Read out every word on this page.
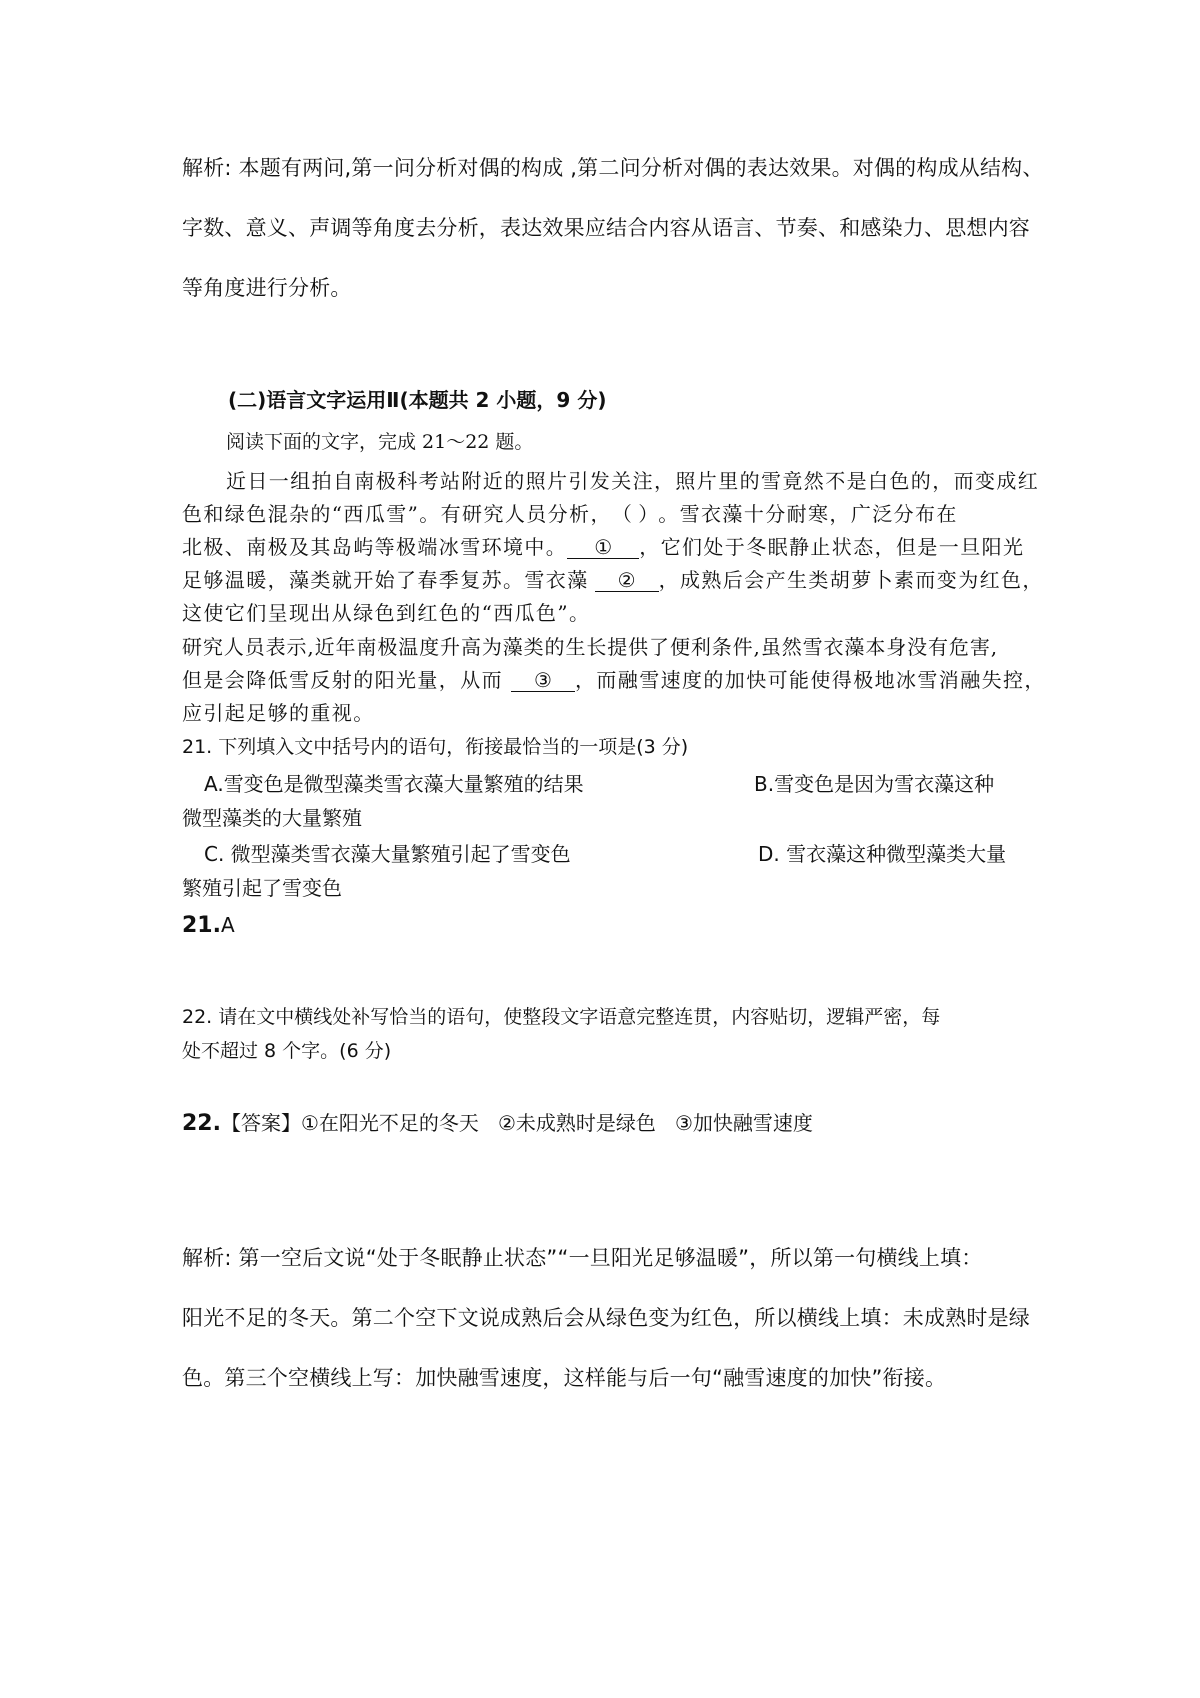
解析: 本题有两问,第一问分析对偶的构成 ,第二问分析对偶的表达效果。对偶的构成从结构、
字数、意义、声调等角度去分析，表达效果应结合内容从语言、节奏、和感染力、思想内容
等角度进行分析。
(二)语言文字运用Ⅱ(本题共 2 小题，9 分)
阅读下面的文字，完成 21～22 题。
近日一组拍自南极科考站附近的照片引发关注，照片里的雪竟然不是白色的，而变成红
色和绿色混杂的“西瓜雪”。有研究人员分析，（ ）。雪衣藻十分耐寒，广泛分布在
北极、南极及其岛屿等极端冰雪环境中。 ① ，它们处于冬眠静止状态，但是一旦阳光
足够温暖，藻类就开始了春季复苏。雪衣藻 ② ，成熟后会产生类胡萝卜素而变为红色，
这使它们呈现出从绿色到红色的“西瓜色”。
研究人员表示,近年南极温度升高为藻类的生长提供了便利条件,虽然雪衣藻本身没有危害,
但是会降低雪反射的阳光量，从而 ③ ，而融雪速度的加快可能使得极地冰雪消融失控，
应引起足够的重视。
21. 下列填入文中括号内的语句，衔接最恰当的一项是(3 分)
A.雪变色是微型藻类雪衣藻大量繁殖的结果	B.雪变色是因为雪衣藻这种
微型藻类的大量繁殖
C. 微型藻类雪衣藻大量繁殖引起了雪变色	D. 雪衣藻这种微型藻类大量
繁殖引起了雪变色
21.A
22. 请在文中横线处补写恰当的语句，使整段文字语意完整连贯，内容贴切，逻辑严密，每
处不超过 8 个字。(6 分)
22.【答案】①在阳光不足的冬天   ②未成熟时是绿色   ③加快融雪速度
解析: 第一空后文说“处于冬眠静止状态”“一旦阳光足够温暖”，所以第一句横线上填：
阳光不足的冬天。第二个空下文说成熟后会从绿色变为红色，所以横线上填：未成熟时是绿
色。第三个空横线上写：加快融雪速度，这样能与后一句“融雪速度的加快”衔接。
